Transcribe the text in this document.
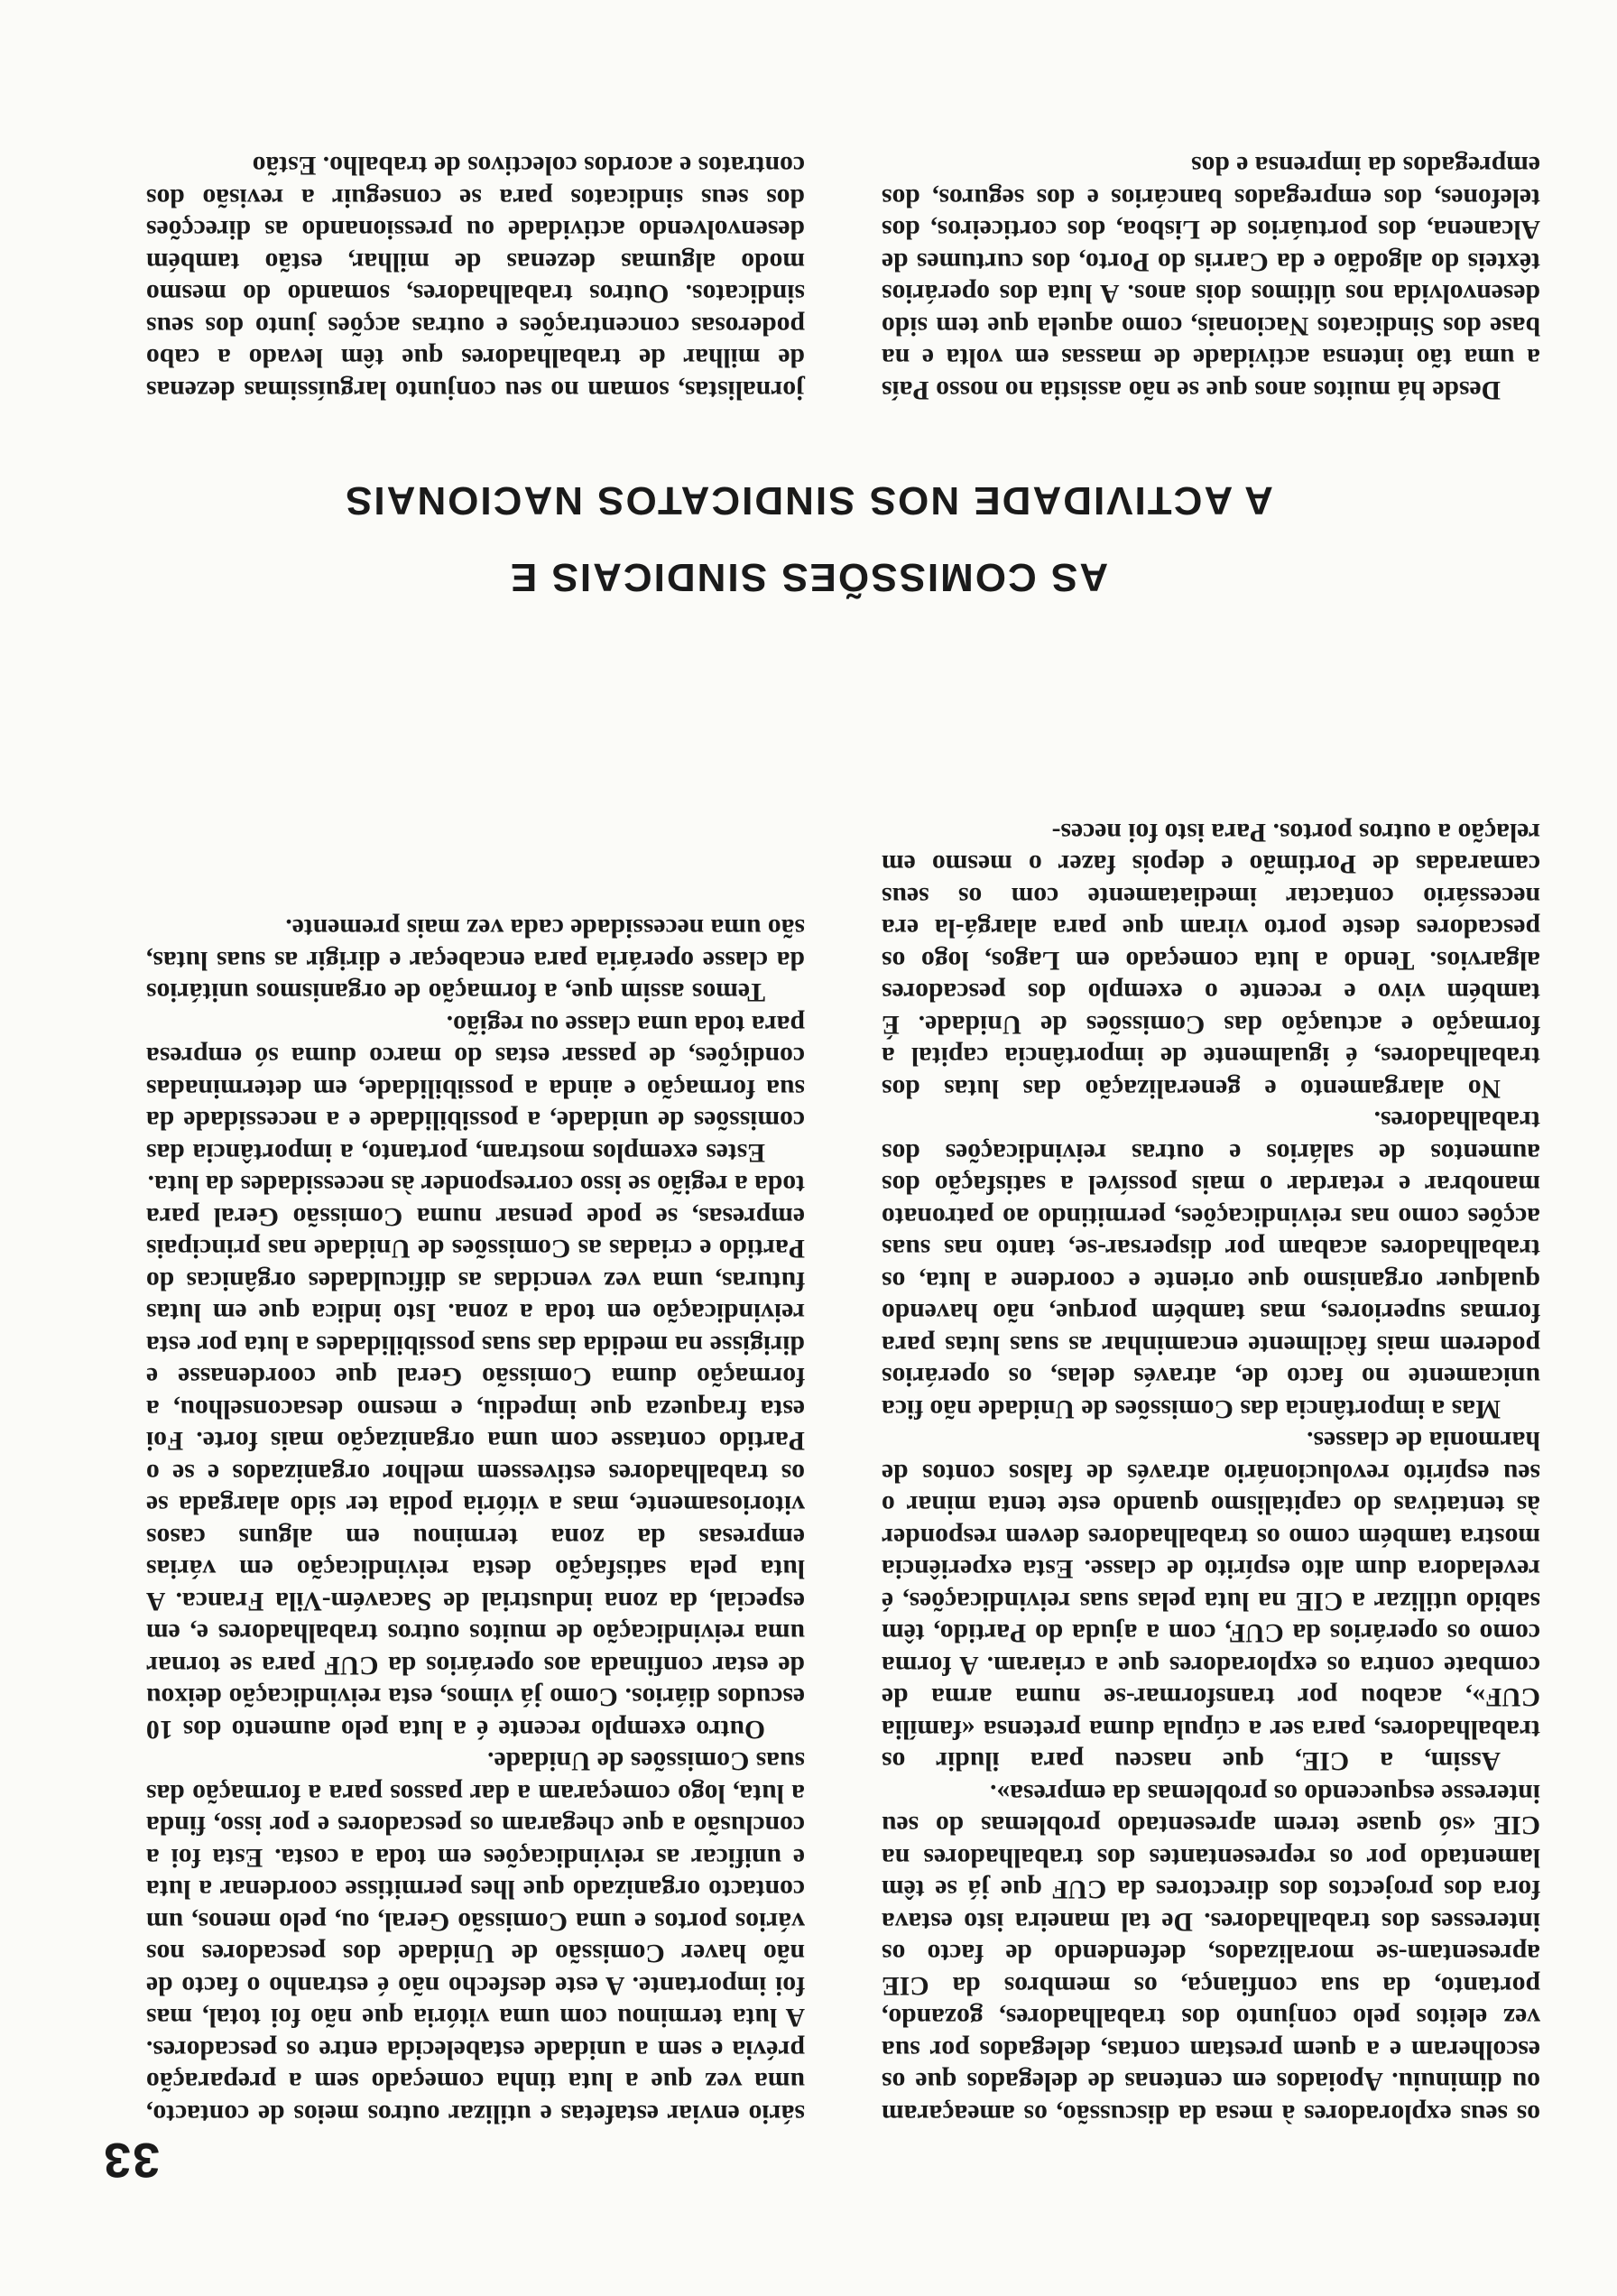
33

os seus exploradores à mesa da discussão, os ameaçaram ou diminuiu. Apoiados em centenas de delegados que os escolheram e a quem prestam contas, delegados por sua vez eleitos pelo conjunto dos trabalhadores, gozando, portanto, da sua confiança, os membros da CIE apresentam-se moralizados, defendendo de facto os interesses dos trabalhadores. De tal maneira isto estava fora dos projectos dos directores da CUF que já se têm lamentado por os representantes dos trabalhadores na CIE «só quase terem apresentado problemas do seu interesse esquecendo os problemas da empresa».

Assim, a CIE, que nasceu para iludir os trabalhadores, para ser a cúpula duma pretensa «família CUF», acabou por transformar-se numa arma de combate contra os exploradores que a criaram. A forma como os operários da CUF, com a ajuda do Partido, têm sabido utilizar a CIE na luta pelas suas reivindicações, é reveladora dum alto espírito de classe. Esta experiência mostra também como os trabalhadores devem responder às tentativas do capitalismo quando este tenta minar o seu espírito revolucionário através de falsos contos de harmonia de classes.

Mas a importância das Comissões de Unidade não fica unicamente no facto de, através delas, os operários poderem mais fàcilmente encaminhar as suas lutas para formas superiores, mas também porque, não havendo qualquer organismo que oriente e coordene a luta, os trabalhadores acabam por dispersar-se, tanto nas suas acções como nas reivindicações, permitindo ao patronato manobrar e retardar o mais possível a satisfação dos aumentos de salários e outras reivindicações dos trabalhadores.

No alargamento e generalização das lutas dos trabalhadores, é igualmente de importância capital a formação e actuação das Comissões de Unidade. É também vivo e recente o exemplo dos pescadores algarvios. Tendo a luta começado em Lagos, logo os pescadores deste porto viram que para alargá-la era necessário contactar imediatamente com os seus camaradas de Portimão e depois fazer o mesmo em relação a outros portos. Para isto foi neces-

sário enviar estafetas e utilizar outros meios de contacto, uma vez que a luta tinha começado sem a preparação prévia e sem a unidade estabelecida entre os pescadores. A luta terminou com uma vitória que não foi total, mas foi importante. A este desfecho não é estranho o facto de não haver Comissão de Unidade dos pescadores nos vários portos e uma Comissão Geral, ou, pelo menos, um contacto organizado que lhes permitisse coordenar a luta e unificar as reivindicações em toda a costa. Esta foi a conclusão a que chegaram os pescadores e por isso, finda a luta, logo começaram a dar passos para a formação das suas Comissões de Unidade.

Outro exemplo recente é a luta pelo aumento dos 10 escudos diários. Como já vimos, esta reivindicação deixou de estar confinada aos operários da CUF para se tornar uma reivindicação de muitos outros trabalhadores e, em especial, da zona industrial de Sacavém-Vila Franca. A luta pela satisfação desta reivindicação em várias empresas da zona terminou em alguns casos vitoriosamente, mas a vitória podia ter sido alargada se os trabalhadores estivessem melhor organizados e se o Partido contasse com uma organização mais forte. Foi esta fraqueza que impediu, e mesmo desaconselhou, a formação duma Comissão Geral que coordenasse e dirigisse na medida das suas possibilidades a luta por esta reivindicação em toda a zona. Isto indica que em lutas futuras, uma vez vencidas as dificuldades orgânicas do Partido e criadas as Comissões de Unidade nas principais empresas, se pode pensar numa Comissão Geral para toda a região se isso corresponder às necessidades da luta.

Estes exemplos mostram, portanto, a importância das comissões de unidade, a possibilidade e a necessidade da sua formação e ainda a possibilidade, em determinadas condições, de passar estas do marco duma só empresa para toda uma classe ou região.

Temos assim que, a formação de organismos unitários da classe operária para encabeçar e dirigir as suas lutas, são uma necessidade cada vez mais premente.

AS COMISSÕES SINDICAIS E
A ACTIVIDADE NOS SINDICATOS NACIONAIS

Desde há muitos anos que se não assistia no nosso País a uma tão intensa actividade de massas em volta e na base dos Sindicatos Nacionais, como aquela que tem sido desenvolvida nos últimos dois anos. A luta dos operários têxteis do algodão e da Carris do Porto, dos curtumes de Alcanena, dos portuários de Lisboa, dos corticeiros, dos telefones, dos empregados bancários e dos seguros, dos empregados da imprensa e dos

jornalistas, somam no seu conjunto larguíssimas dezenas de milhar de trabalhadores que têm levado a cabo poderosas concentrações e outras acções junto dos seus sindicatos. Outros trabalhadores, somando do mesmo modo algumas dezenas de milhar, estão também desenvolvendo actividade ou pressionando as direcções dos seus sindicatos para se conseguir a revisão dos contratos e acordos colectivos de trabalho. Estão
